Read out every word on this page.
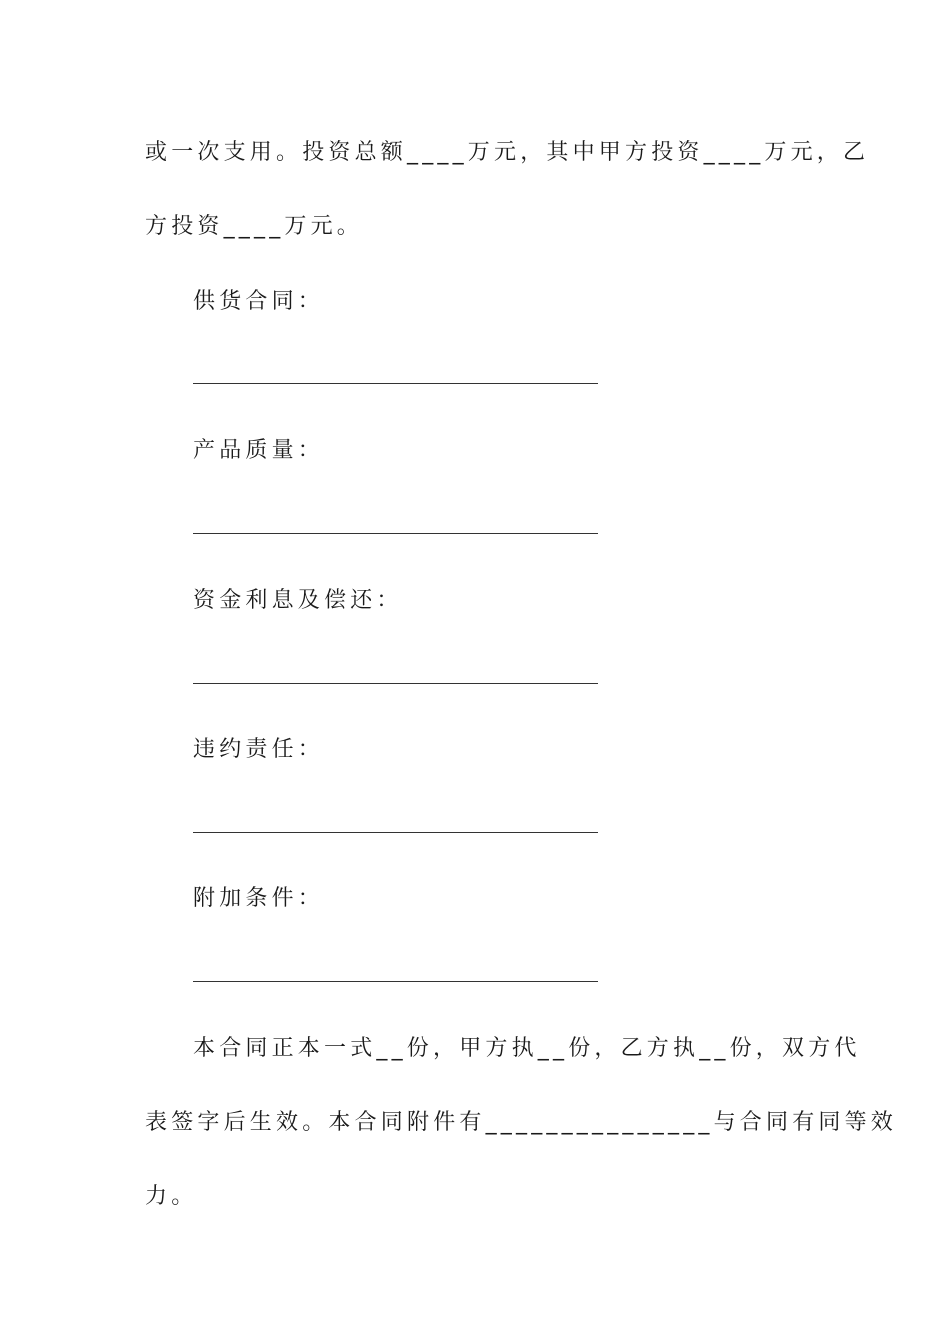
或一次支用。投资总额____万元，其中甲方投资____万元，乙

方投资____万元。

供货合同：

产品质量：

资金利息及偿还：

违约责任：

附加条件：

本合同正本一式__份，甲方执__份，乙方执__份，双方代

表签字后生效。本合同附件有_______________与合同有同等效

力。
